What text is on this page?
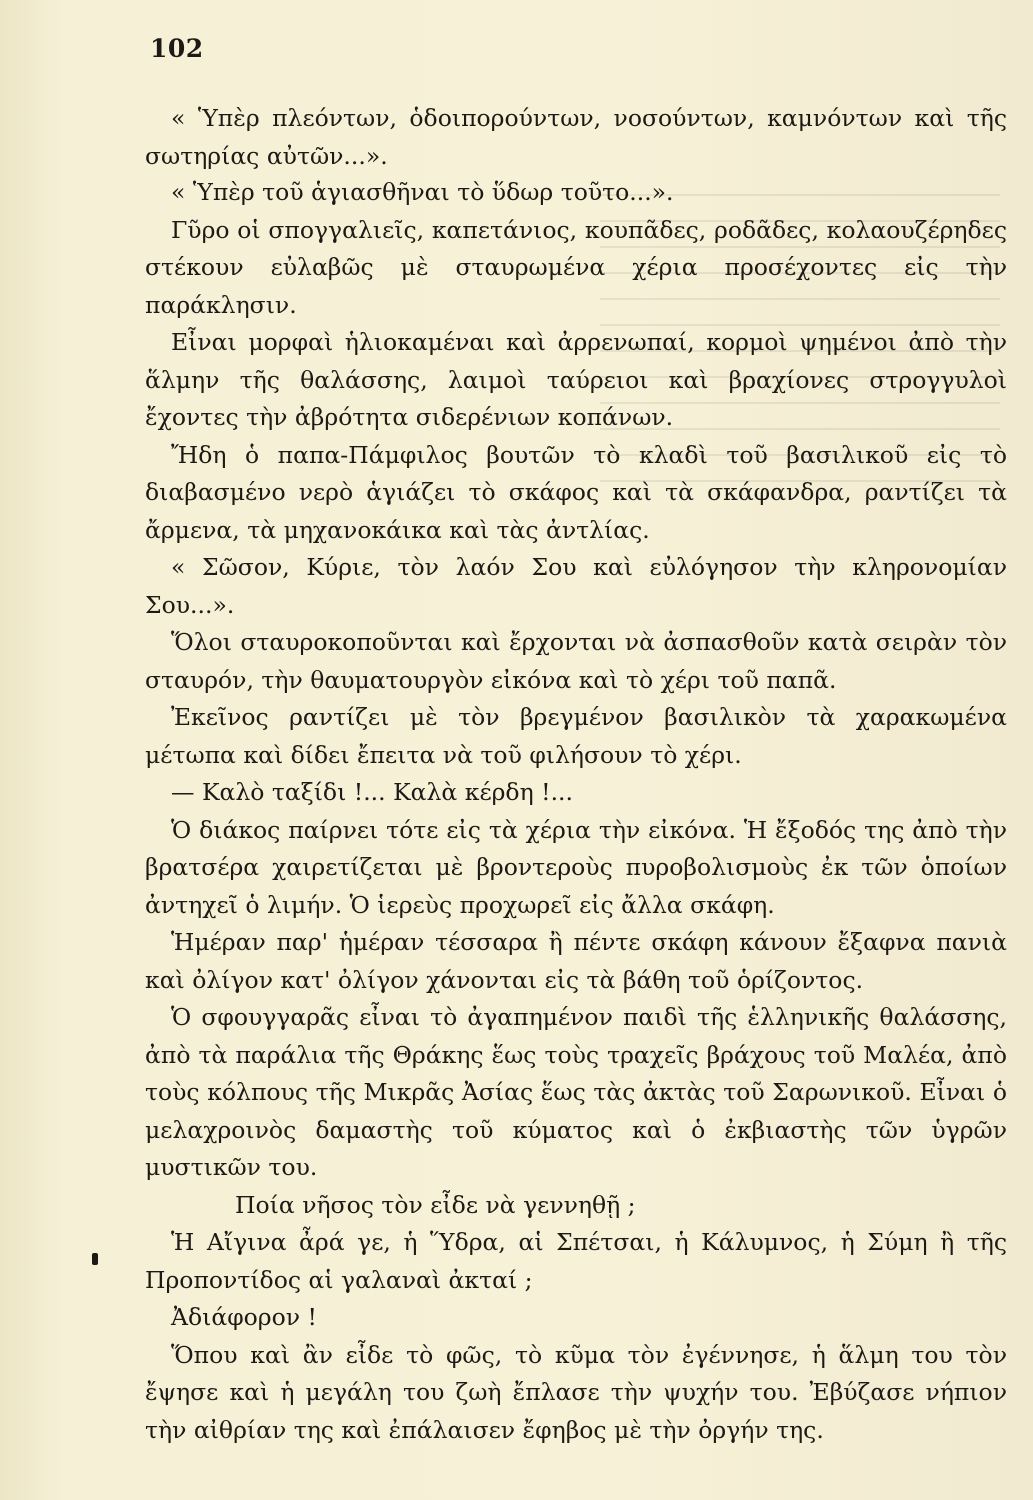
102

« Ὑπὲρ πλεόντων, ὁδοιπορούντων, νοσούντων, καμνόντων καὶ τῆς σωτηρίας αὐτῶν...».

« Ὑπὲρ τοῦ ἁγιασθῆναι τὸ ὕδωρ τοῦτο...».

Γῦρο οἱ σπογγαλιεῖς, καπετάνιος, κουπᾶδες, ροδᾶδες, κολαουζέρηδες στέκουν εὐλαβῶς μὲ σταυρωμένα χέρια προσέχοντες εἰς τὴν παράκλησιν.

Εἶναι μορφαὶ ἡλιοκαμέναι καὶ ἀρρενωπαί, κορμοὶ ψημένοι ἀπὸ τὴν ἅλμην τῆς θαλάσσης, λαιμοὶ ταύρειοι καὶ βραχίονες στρογγυλοὶ ἔχοντες τὴν ἀβρότητα σιδερένιων κοπάνων.

Ἤδη ὁ παπα-Πάμφιλος βουτῶν τὸ κλαδὶ τοῦ βασιλικοῦ εἰς τὸ διαβασμένο νερὸ ἁγιάζει τὸ σκάφος καὶ τὰ σκάφανδρα, ραντίζει τὰ ἄρμενα, τὰ μηχανοκάικα καὶ τὰς ἀντλίας.

« Σῶσον, Κύριε, τὸν λαόν Σου καὶ εὐλόγησον τὴν κληρονομίαν Σου...».

Ὅλοι σταυροκοποῦνται καὶ ἔρχονται νὰ ἀσπασθοῦν κατὰ σειρὰν τὸν σταυρόν, τὴν θαυματουργὸν εἰκόνα καὶ τὸ χέρι τοῦ παπᾶ.

Ἐκεῖνος ραντίζει μὲ τὸν βρεγμένον βασιλικὸν τὰ χαρακωμένα μέτωπα καὶ δίδει ἔπειτα νὰ τοῦ φιλήσουν τὸ χέρι.

— Καλὸ ταξίδι !... Καλὰ κέρδη !...

Ὁ διάκος παίρνει τότε εἰς τὰ χέρια τὴν εἰκόνα. Ἡ ἔξοδός της ἀπὸ τὴν βρατσέρα χαιρετίζεται μὲ βροντεροὺς πυροβολισμοὺς ἐκ τῶν ὁποίων ἀντηχεῖ ὁ λιμήν. Ὁ ἱερεὺς προχωρεῖ εἰς ἄλλα σκάφη.

Ἡμέραν παρ' ἡμέραν τέσσαρα ἢ πέντε σκάφη κάνουν ἔξαφνα πανιὰ καὶ ὀλίγον κατ' ὀλίγον χάνονται εἰς τὰ βάθη τοῦ ὁρίζοντος.

Ὁ σφουγγαρᾶς εἶναι τὸ ἀγαπημένον παιδὶ τῆς ἑλληνικῆς θαλάσσης, ἀπὸ τὰ παράλια τῆς Θράκης ἕως τοὺς τραχεῖς βράχους τοῦ Μαλέα, ἀπὸ τοὺς κόλπους τῆς Μικρᾶς Ἀσίας ἕως τὰς ἀκτὰς τοῦ Σαρωνικοῦ. Εἶναι ὁ μελαχροινὸς δαμαστὴς τοῦ κύματος καὶ ὁ ἐκβιαστὴς τῶν ὑγρῶν μυστικῶν του.

Ποία νῆσος τὸν εἶδε νὰ γεννηθῇ ;

Ἡ Αἴγινα ἆρά γε, ἡ Ὕδρα, αἱ Σπέτσαι, ἡ Κάλυμνος, ἡ Σύμη ἢ τῆς Προποντίδος αἱ γαλαναὶ ἀκταί ;

Ἀδιάφορον !

Ὅπου καὶ ἂν εἶδε τὸ φῶς, τὸ κῦμα τὸν ἐγέννησε, ἡ ἅλμη του τὸν ἔψησε καὶ ἡ μεγάλη του ζωὴ ἔπλασε τὴν ψυχήν του. Ἐβύζασε νήπιον τὴν αἰθρίαν της καὶ ἐπάλαισεν ἔφηβος μὲ τὴν ὀργήν της.
